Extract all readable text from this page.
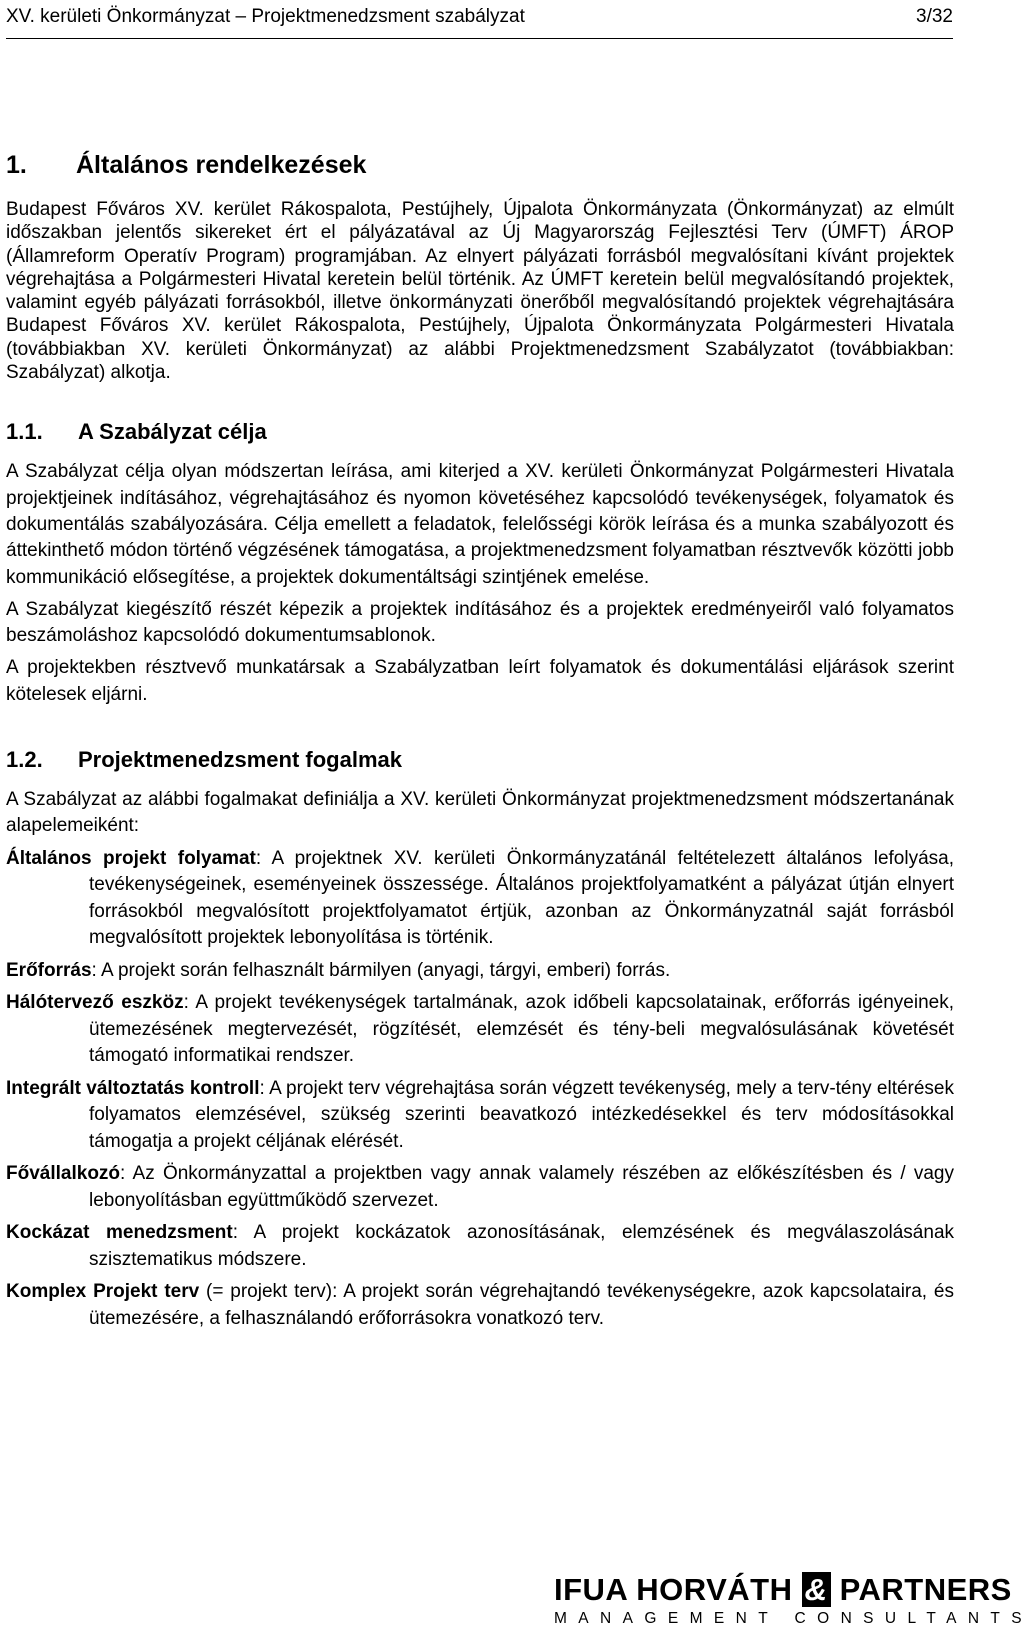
XV. kerületi Önkormányzat – Projektmenedzsment szabályzat	3/32
1.	Általános rendelkezések

Budapest Főváros XV. kerület Rákospalota, Pestújhely, Újpalota Önkormányzata (Önkormányzat) az elmúlt időszakban jelentős sikereket ért el pályázatával az Új Magyarország Fejlesztési Terv (ÚMFT) ÁROP (Államreform Operatív Program) programjában. Az elnyert pályázati forrásból megvalósítani kívánt projektek végrehajtása a Polgármesteri Hivatal keretein belül történik. Az ÚMFT keretein belül megvalósítandó projektek, valamint egyéb pályázati forrásokból, illetve önkormányzati önerőből megvalósítandó projektek végrehajtására Budapest Főváros XV. kerület Rákospalota, Pestújhely, Újpalota Önkormányzata Polgármesteri Hivatala (továbbiakban XV. kerületi Önkormányzat) az alábbi Projektmenedzsment Szabályzatot (továbbiakban: Szabályzat) alkotja.

1.1.	A Szabályzat célja

A Szabályzat célja olyan módszertan leírása, ami kiterjed a XV. kerületi Önkormányzat Polgármesteri Hivatala projektjeinek indításához, végrehajtásához és nyomon követéséhez kapcsolódó tevékenységek, folyamatok és dokumentálás szabályozására. Célja emellett a feladatok, felelősségi körök leírása és a munka szabályozott és áttekinthető módon történő végzésének támogatása, a projektmenedzsment folyamatban résztvevők közötti jobb kommunikáció elősegítése, a projektek dokumentáltsági szintjének emelése.

A Szabályzat kiegészítő részét képezik a projektek indításához és a projektek eredményeiről való folyamatos beszámoláshoz kapcsolódó dokumentumsablonok.

A projektekben résztvevő munkatársak a Szabályzatban leírt folyamatok és dokumentálási eljárások szerint kötelesek eljárni.

1.2.	Projektmenedzsment fogalmak

A Szabályzat az alábbi fogalmakat definiálja a XV. kerületi Önkormányzat projektmenedzsment módszertanának alapelemeiként:

Általános projekt folyamat: A projektnek XV. kerületi Önkormányzatánál feltételezett általános lefolyása, tevékenységeinek, eseményeinek összessége. Általános projektfolyamatként a pályázat útján elnyert forrásokból megvalósított projektfolyamatot értjük, azonban az Önkormányzatnál saját forrásból megvalósított projektek lebonyolítása is történik.

Erőforrás: A projekt során felhasznált bármilyen (anyagi, tárgyi, emberi) forrás.

Hálótervező eszköz: A projekt tevékenységek tartalmának, azok időbeli kapcsolatainak, erőforrás igényeinek, ütemezésének megtervezését, rögzítését, elemzését és tény-beli megvalósulásának követését támogató informatikai rendszer.

Integrált változtatás kontroll: A projekt terv végrehajtása során végzett tevékenység, mely a terv-tény eltérések folyamatos elemzésével, szükség szerinti beavatkozó intézkedésekkel és terv módosításokkal támogatja a projekt céljának elérését.

Fővállalkozó: Az Önkormányzattal a projektben vagy annak valamely részében az előkészítésben és / vagy lebonyolításban együttműködő szervezet.

Kockázat menedzsment: A projekt kockázatok azonosításának, elemzésének és megválaszolásának szisztematikus módszere.

Komplex Projekt terv (= projekt terv): A projekt során végrehajtandó tevékenységekre, azok kapcsolataira, és ütemezésére, a felhasználandó erőforrásokra vonatkozó terv.

IFUA HORVÁTH & PARTNERS
MANAGEMENT CONSULTANTS
